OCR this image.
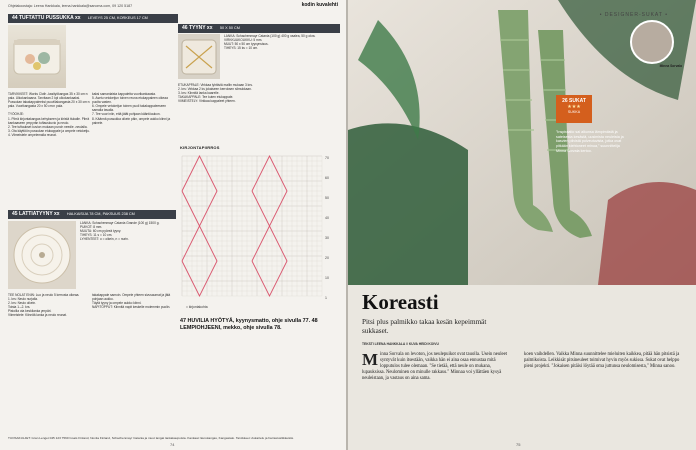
Ohjelakoostaja: Leena Hankkala, leena.hankkala@sanoma.com, 09 120 5187	kodin kuvalehti
44 TUFTATTU PUSSUKKA xx LEVEYS 25 CM, KORKEUS 17 CM
TARVIKKEET: Works Cloth -kasityökangas 35 x 30 cm:n pala. Ulkokankaana. Tarvitaan 2 kpl ulkokankaaksi. Pussukan takakappaleeksi puuvillakangasta 20 x 30 cm:n pala. Vuorikangasta 20 x 50 cm:n pala.

TYÖOHJE:
1. Piirrä kirjontakangas kehykseen ja kiristä tiukalle. Piirrä kankaaseen ympyrän tuftauskuvio ja neulo.
2. Tee tuftaukset kuvion mukaan punch needle -neulalla.
3. Ota käyttöön pussukan etukappale ja ompele vetoketju.
4. Viimeistele ompelemalla reunat.
kaksi samanlaista kappaletta vuorikankaasta.
5. Asetu vetoketjun toinen reuna etukappaleen oikeaa puolta vasten.
6. Ompele vetoketjun toinen puoli takakappaleeseen samalla tavalla.
7. Tee vuori niin, että jätät pohjaan kääntöaukon.
8. Käännä pussukka oikein päin, ompele aukko kiinni ja painele.
46 TYYNY xx 50 X 50 CM
LANKA: Schachenmayr Catania (100 g) 400 g vaalea, 50 g okra.
VIRKKUUKOUKKU: 5 mm.
MUUT: 50 x 50 cm tyynynsisus.
TIHEYS: 15 ks = 10 cm.
ETUKAPPALE: Virkkaa lyhtäviä mallin mukaan 3 krs.
2. krs: Virkkaa 2 ks jokaiseen kerroksen silmukkaan.
3. krs: Kiinnitä lanka kaarelle.
TAKAKAPPALE: Tee kuten etukappale.
VIIMEISTELY: Virkkaa kappaleet yhteen.
KIRJONTAPIIRROS
70
60
50
40
30
20
10
1
= kirjontakohta
45 LATTIATYYNY xx HALKAISIJA 78 CM, PAKSUUS 238 CM
LANKA: Schachenmayr Catania Grande (100 g) 1500 g.
PUIKOT: 8 mm.
MUUTA: 60 cm pyöreä tyyny.
TIHEYS: 11 s = 10 cm.
LYHENTEET: o = oikein, n = nurin.
TEE NOLAT ENIN: Luo ja neulo 5 kerrosta oikeaa.
1. krs: Neulo nurjalla.
2. krs: Neulo oikein.
Toista 1.–2. krs.
Pistoilla ota keskilanka ympäri.
Viimeistele: Kiinnitä lanka ja neulo reunat.
takakappale samoin. Ompele yhteen sivusaumat ja jätä pohjaan aukko.
Täytä tyyny ja ompele aukko kiinni.
NAPITOPPUT: Kiinnitä napit keskelle molemmin puolin.
47 HUVILIA HYÖTYÄ, kyynysmatto, ohje sivulla 77. 48 LEMPIOHJEENI, mekko, ohje sivulla 78.
TUOSAKULJET: Gran Lenget 045 123 7560 Coats Finland, Novita Finland, Schachenmayr Catania ja muut langat lankakaupoista. Kankaat: Eurokangas, Kangastalo. Tarvikkeet: Askartelu ja harrastusliikkeistä.
74
• DESIGNER-SUKAT •
Minna Sorvala
26 SUKAT
★★★
SUKKA
"Inspiraatio sai alkunsa lämpimästä ja sateisesta kesästä, uusimista neuleista ja kasvien pilvistä polveutuvista, jotka ovat pitkään kiehtoneet minua," suunnittelija Minna Sorvala kertoo.
Koreasti
Pitsi plus palmikko takaa kesän kepeimmät sukkaset.
TEKSTI LEENA HANKKALA // KUVA HEIDI KOIVU
Minna Sorvala on levoton, jos neulepuikot ovat tauolla. Usein neuleet syntyvät kuin itsestään, vaikka hän ei aina osaa ennustaa mitä lopputulos tulee olemaan. "Se tietää, että neule on mukana, lupauksissa. Neulominen on minulle rakkaus." Minnaa voi yllättäen kysyä neuleistaan, ja vastaus on aina sama.
koen vaihdellen. Vaikka Minna suunnittelee mieluiten kaikkea, pitää hän pitsistä ja palmikoista. Leikkisät pitsineuleet toimivat hyvin myös sukissa. Sukat ovat helppo pieni projekti. "Jokaisen pitäisi löytää oma juttunsa neulomisesta," Minna sanoo.
75
